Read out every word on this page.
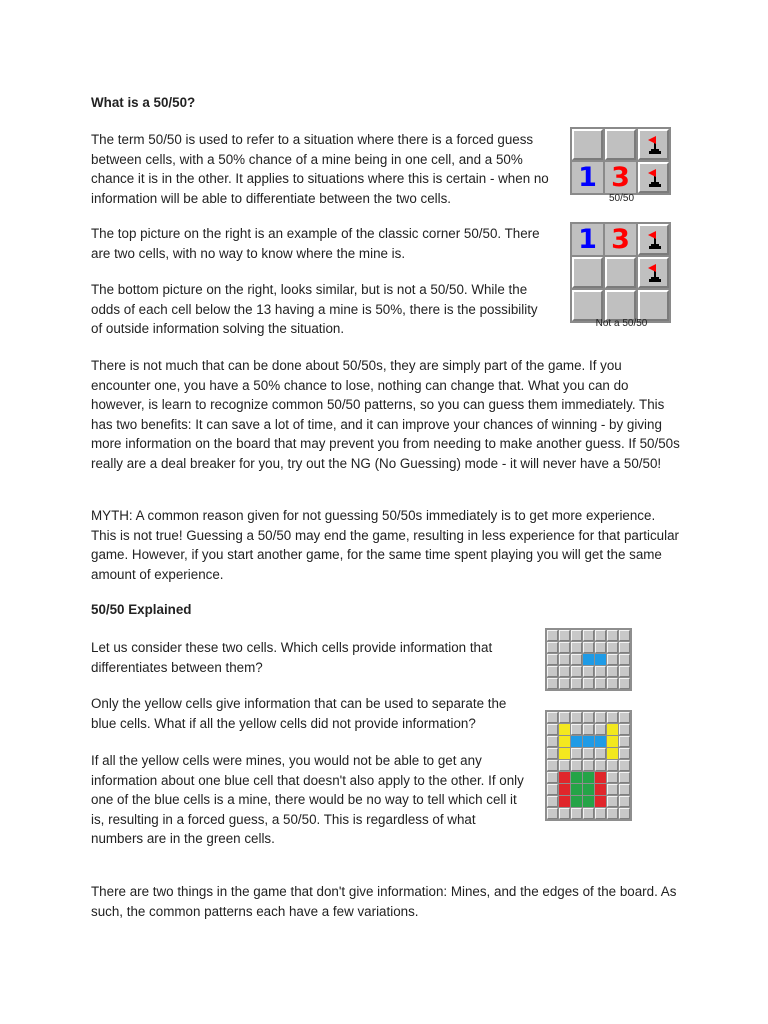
What is a 50/50?
The term 50/50 is used to refer to a situation where there is a forced guess between cells, with a 50% chance of a mine being in one cell, and a 50% chance it is in the other. It applies to situations where this is certain - when no information will be able to differentiate between the two cells.
The top picture on the right is an example of the classic corner 50/50. There are two cells, with no way to know where the mine is.
The bottom picture on the right, looks similar, but is not a 50/50. While the odds of each cell below the 13 having a mine is 50%, there is the possibility of outside information solving the situation.
There is not much that can be done about 50/50s, they are simply part of the game. If you encounter one, you have a 50% chance to lose, nothing can change that. What you can do however, is learn to recognize common 50/50 patterns, so you can guess them immediately. This has two benefits: It can save a lot of time, and it can improve your chances of winning - by giving more information on the board that may prevent you from needing to make another guess. If 50/50s really are a deal breaker for you, try out the NG (No Guessing) mode - it will never have a 50/50!
MYTH: A common reason given for not guessing 50/50s immediately is to get more experience. This is not true! Guessing a 50/50 may end the game, resulting in less experience for that particular game. However, if you start another game, for the same time spent playing you will get the same amount of experience.
1 3
50/50
1 3
Not a 50/50
50/50 Explained
Let us consider these two cells. Which cells provide information that differentiates between them?
Only the yellow cells give information that can be used to separate the blue cells. What if all the yellow cells did not provide information?
If all the yellow cells were mines, you would not be able to get any information about one blue cell that doesn't also apply to the other. If only one of the blue cells is a mine, there would be no way to tell which cell it is, resulting in a forced guess, a 50/50. This is regardless of what numbers are in the green cells.
There are two things in the game that don't give information: Mines, and the edges of the board. As such, the common patterns each have a few variations.
